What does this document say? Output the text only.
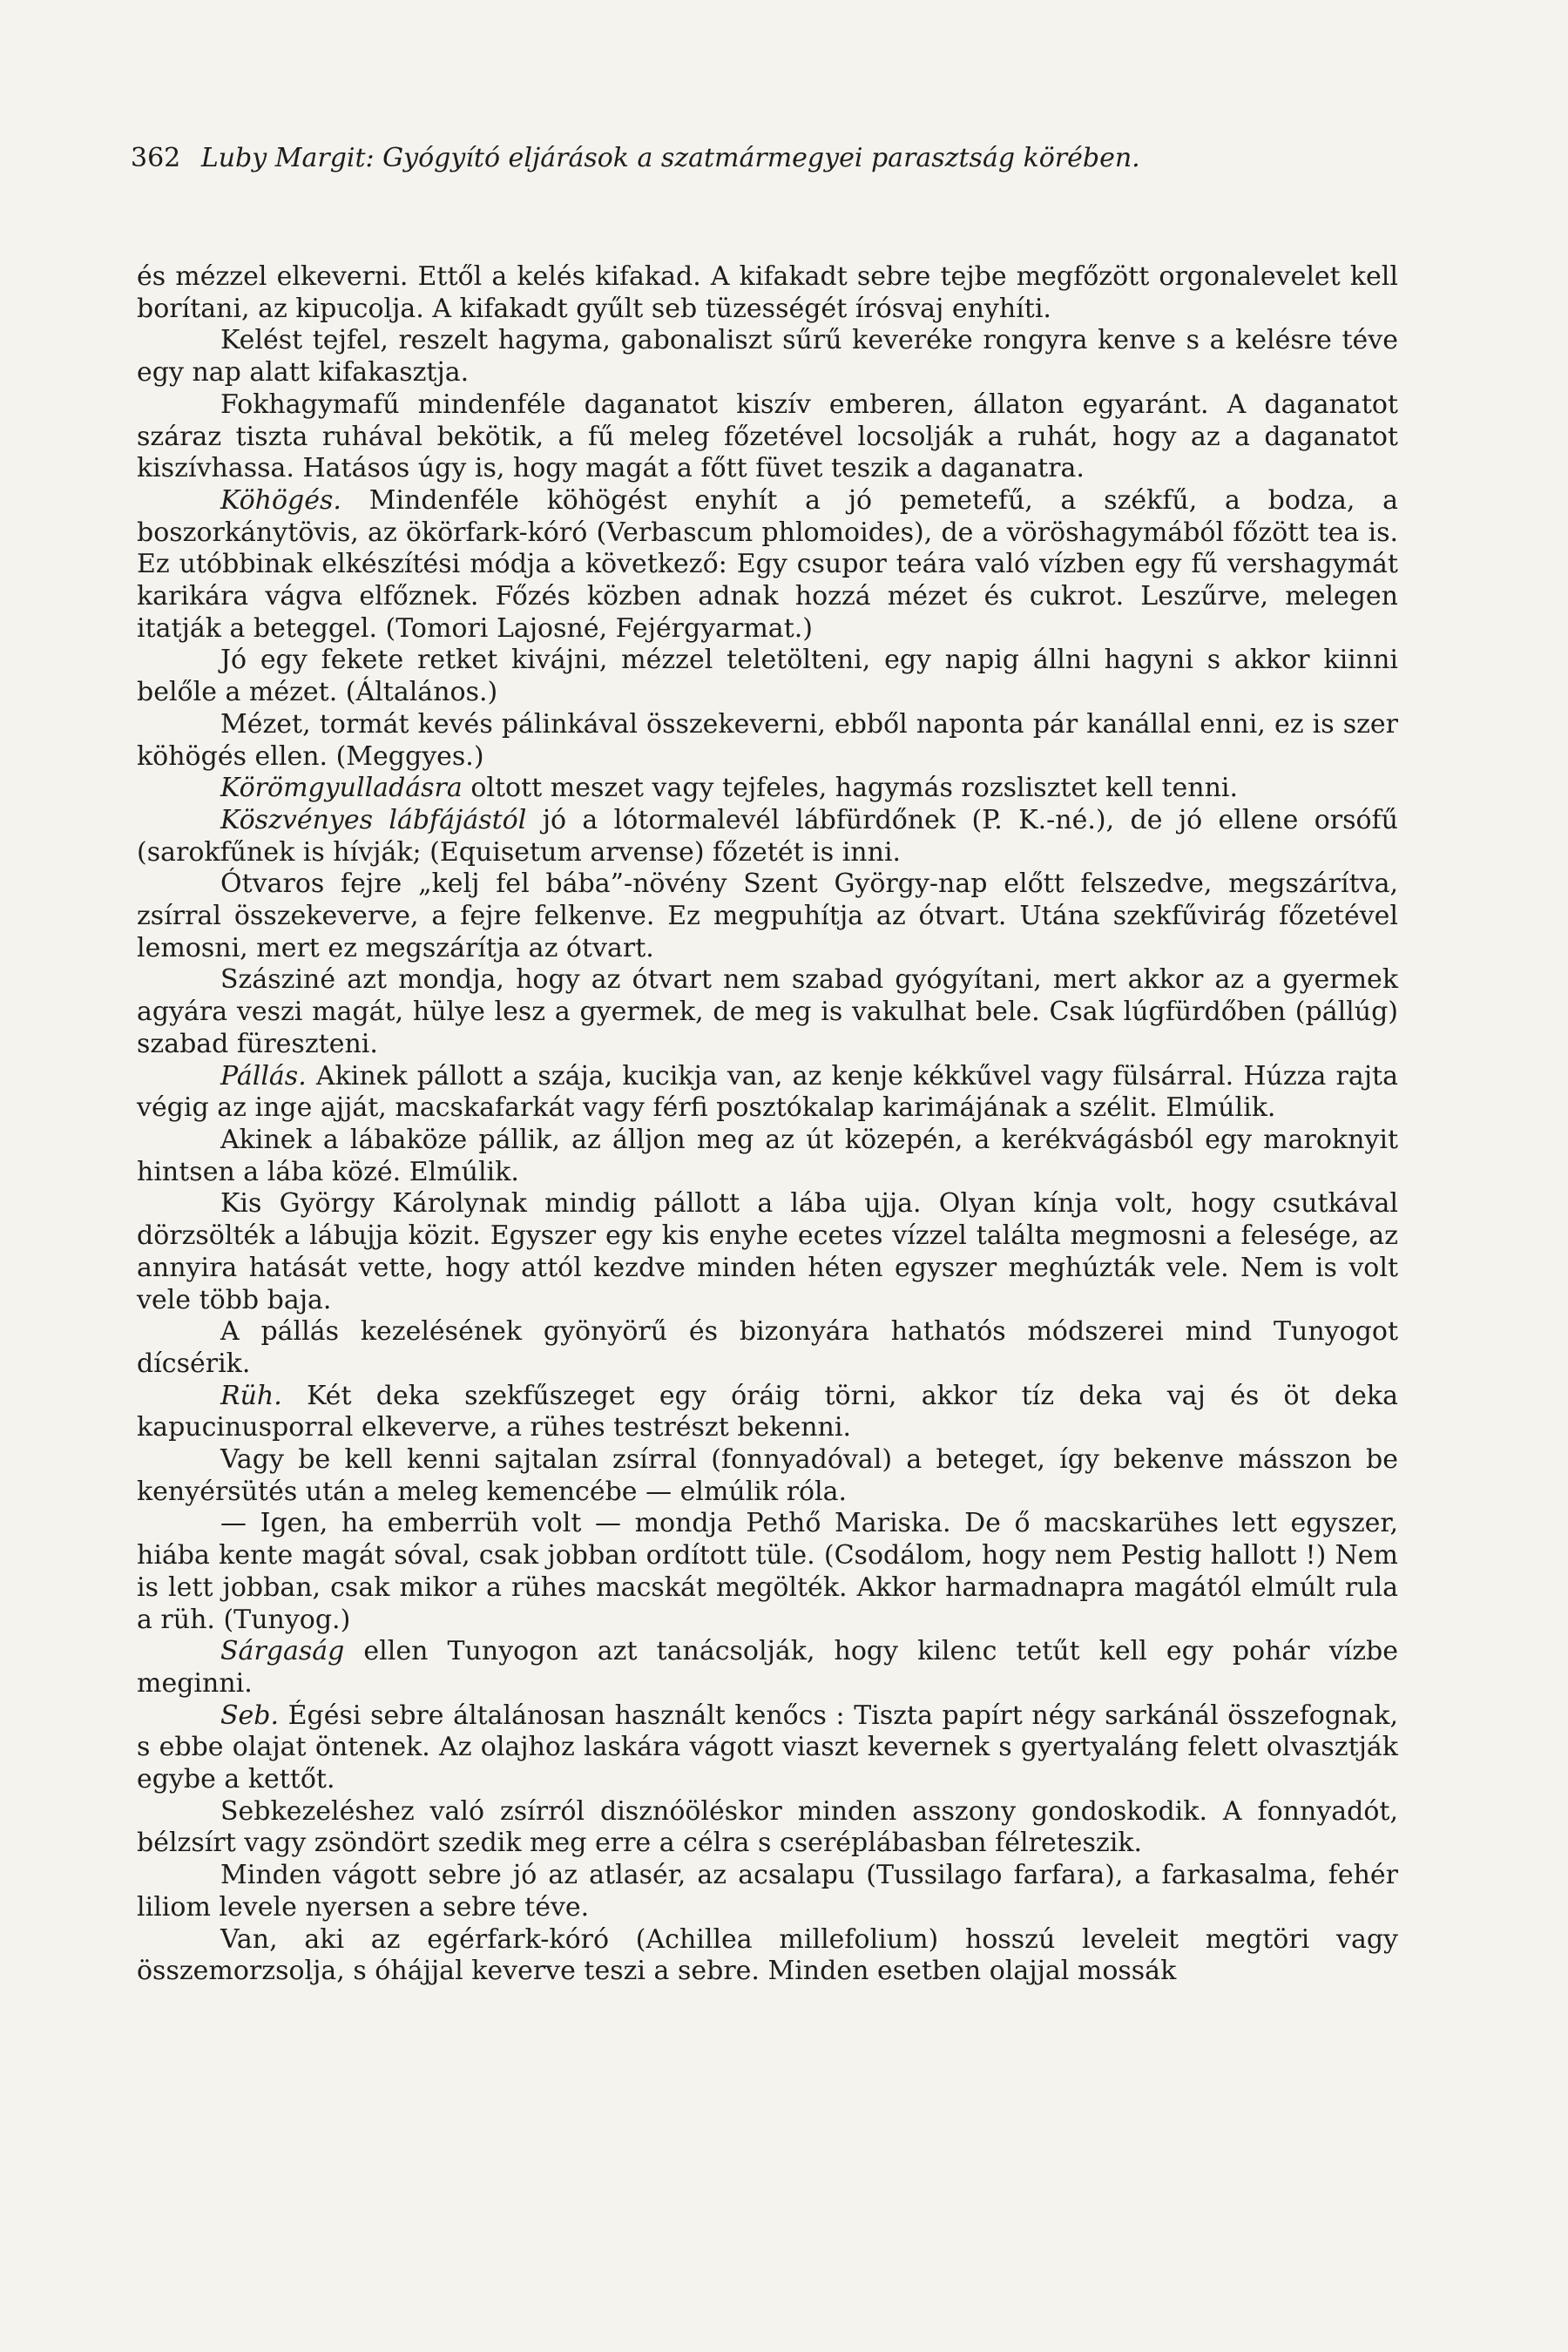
362 Luby Margit: Gyógyító eljárások a szatmármegyei parasztság körében.

és mézzel elkeverni. Ettől a kelés kifakad. A kifakadt sebre tejbe megfőzött orgonalevelet kell borítani, az kipucolja. A kifakadt gyűlt seb tüzességét írósvaj enyhíti.

Kelést tejfel, reszelt hagyma, gabonaliszt sűrű keveréke rongyra kenve s a kelésre téve egy nap alatt kifakasztja.

Fokhagymafű mindenféle daganatot kiszív emberen, állaton egyaránt. A daganatot száraz tiszta ruhával bekötik, a fű meleg főzetével locsolják a ruhát, hogy az a daganatot kiszívhassa. Hatásos úgy is, hogy magát a főtt füvet teszik a daganatra.

Köhögés. Mindenféle köhögést enyhít a jó pemetefű, a székfű, a bodza, a boszorkánytövis, az ökörfark-kóró (Verbascum phlomoides), de a vöröshagymából főzött tea is. Ez utóbbinak elkészítési módja a következő: Egy csupor teára való vízben egy fű vershagymát karikára vágva elfőznek. Főzés közben adnak hozzá mézet és cukrot. Leszűrve, melegen itatják a beteggel. (Tomori Lajosné, Fejérgyarmat.)

Jó egy fekete retket kivájni, mézzel teletölteni, egy napig állni hagyni s akkor kiinni belőle a mézet. (Általános.)

Mézet, tormát kevés pálinkával összekeverni, ebből naponta pár kanállal enni, ez is szer köhögés ellen. (Meggyes.)

Körömgyulladásra oltott meszet vagy tejfeles, hagymás rozslisztet kell tenni.

Köszvényes lábfájástól jó a lótormalevél lábfürdőnek (P. K.-né.), de jó ellene orsófű (sarokfűnek is hívják; (Equisetum arvense) főzetét is inni.

Ótvaros fejre „kelj fel bába”-növény Szent György-nap előtt felszedve, megszárítva, zsírral összekeverve, a fejre felkenve. Ez megpuhítja az ótvart. Utána szekfűvirág főzetével lemosni, mert ez megszárítja az ótvart.

Szásziné azt mondja, hogy az ótvart nem szabad gyógyítani, mert akkor az a gyermek agyára veszi magát, hülye lesz a gyermek, de meg is vakulhat bele. Csak lúgfürdőben (pállúg) szabad füreszteni.

Pállás. Akinek pállott a szája, kucikja van, az kenje kékkűvel vagy fülsárral. Húzza rajta végig az inge ajját, macskafarkát vagy férfi posztókalap karimájának a szélit. Elmúlik.

Akinek a lábaköze pállik, az álljon meg az út közepén, a kerékvágásból egy maroknyit hintsen a lába közé. Elmúlik.

Kis György Károlynak mindig pállott a lába ujja. Olyan kínja volt, hogy csutkával dörzsölték a lábujja közit. Egyszer egy kis enyhe ecetes vízzel találta megmosni a felesége, az annyira hatását vette, hogy attól kezdve minden héten egyszer meghúzták vele. Nem is volt vele több baja.

A pállás kezelésének gyönyörű és bizonyára hathatós módszerei mind Tunyogot dícsérik.

Rüh. Két deka szekfűszeget egy óráig törni, akkor tíz deka vaj és öt deka kapucinusporral elkeverve, a rühes testrészt bekenni.

Vagy be kell kenni sajtalan zsírral (fonnyadóval) a beteget, így bekenve másszon be kenyérsütés után a meleg kemencébe — elmúlik róla.

— Igen, ha emberrüh volt — mondja Pethő Mariska. De ő macskarühes lett egyszer, hiába kente magát sóval, csak jobban ordított tüle. (Csodálom, hogy nem Pestig hallott !) Nem is lett jobban, csak mikor a rühes macskát megölték. Akkor harmadnapra magától elmúlt rula a rüh. (Tunyog.)

Sárgaság ellen Tunyogon azt tanácsolják, hogy kilenc tetűt kell egy pohár vízbe meginni.

Seb. Égési sebre általánosan használt kenőcs : Tiszta papírt négy sarkánál összefognak, s ebbe olajat öntenek. Az olajhoz laskára vágott viaszt kevernek s gyertyaláng felett olvasztják egybe a kettőt.

Sebkezeléshez való zsírról disznóöléskor minden asszony gondoskodik. A fonnyadót, bélzsírt vagy zsöndört szedik meg erre a célra s cseréplábasban félreteszik.

Minden vágott sebre jó az atlasér, az acsalapu (Tussilago farfara), a farkasalma, fehér liliom levele nyersen a sebre téve.

Van, aki az egérfark-kóró (Achillea millefolium) hosszú leveleit megtöri vagy összemorzsolja, s óhájjal keverve teszi a sebre. Minden esetben olajjal mossák
